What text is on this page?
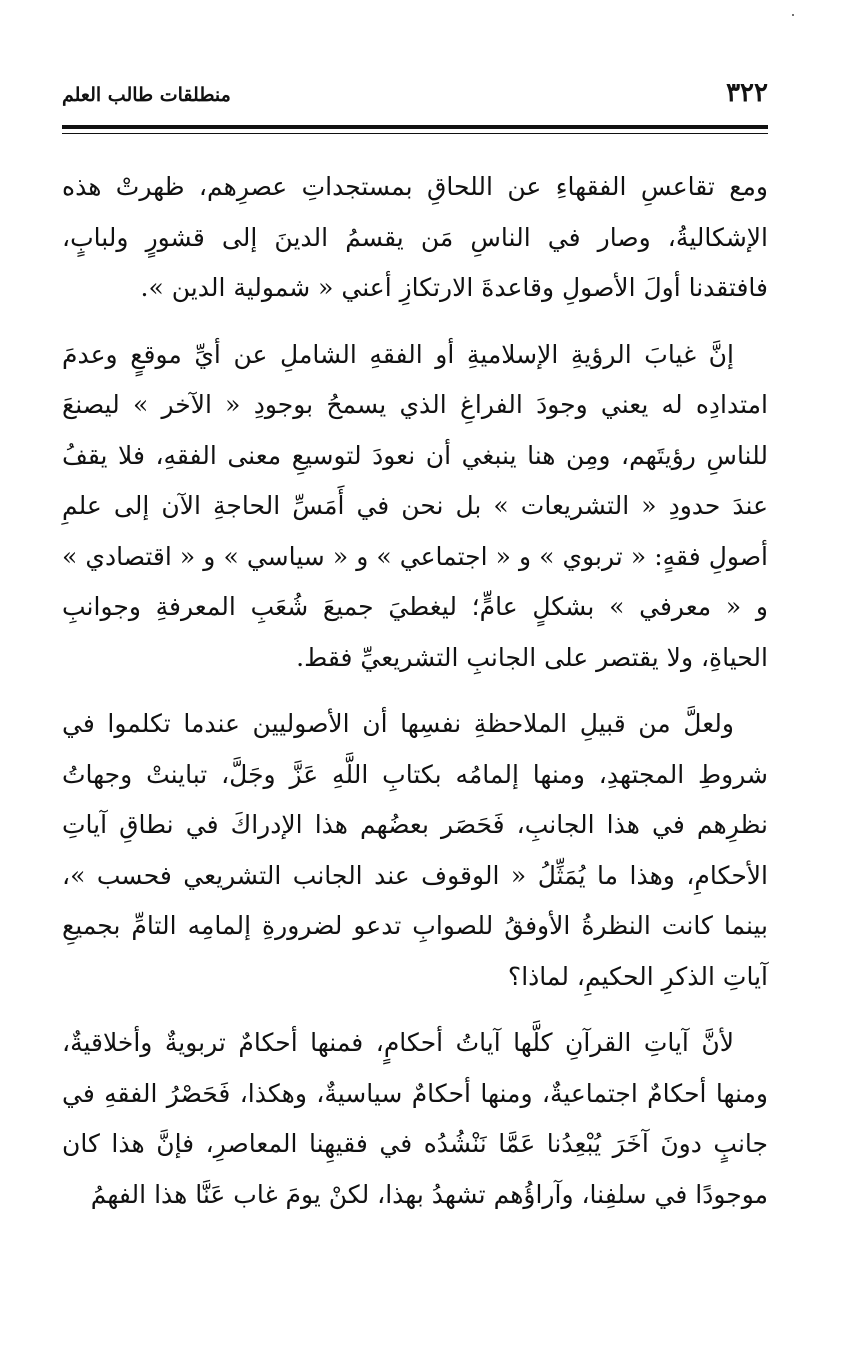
٣٢٢
منطلقات طالب العلم

ومع تقاعسِ الفقهاءِ عن اللحاقِ بمستجداتِ عصرِهم، ظهرتْ هذه الإشكاليةُ، وصار في الناسِ مَن يقسمُ الدينَ إلى قشورٍ ولبابٍ، فافتقدنا أولَ الأصولِ وقاعدةَ الارتكازِ أعني « شمولية الدين ».

إنَّ غيابَ الرؤيةِ الإسلاميةِ أو الفقهِ الشاملِ عن أيِّ موقعٍ وعدمَ امتدادِه له يعني وجودَ الفراغِ الذي يسمحُ بوجودِ « الآخر » ليصنعَ للناسِ رؤيتَهم، ومِن هنا ينبغي أن نعودَ لتوسيعِ معنى الفقهِ، فلا يقفُ عندَ حدودِ « التشريعات » بل نحن في أَمَسِّ الحاجةِ الآن إلى علمِ أصولِ فقهٍ: « تربوي » و « اجتماعي » و « سياسي » و « اقتصادي » و « معرفي » بشكلٍ عامٍّ؛ ليغطيَ جميعَ شُعَبِ المعرفةِ وجوانبِ الحياةِ، ولا يقتصر على الجانبِ التشريعيِّ فقط.

ولعلَّ من قبيلِ الملاحظةِ نفسِها أن الأصوليين عندما تكلموا في شروطِ المجتهدِ، ومنها إلمامُه بكتابِ اللَّهِ عَزَّ وجَلَّ، تباينتْ وجهاتُ نظرِهم في هذا الجانبِ، فَحَصَر بعضُهم هذا الإدراكَ في نطاقِ آياتِ الأحكامِ، وهذا ما يُمَثِّلُ « الوقوف عند الجانب التشريعي فحسب »، بينما كانت النظرةُ الأوفقُ للصوابِ تدعو لضرورةِ إلمامِه التامِّ بجميعِ آياتِ الذكرِ الحكيمِ، لماذا؟

لأنَّ آياتِ القرآنِ كلَّها آياتُ أحكامٍ، فمنها أحكامٌ تربويةٌ وأخلاقيةٌ، ومنها أحكامٌ اجتماعيةٌ، ومنها أحكامٌ سياسيةٌ، وهكذا، فَحَصْرُ الفقهِ في جانبٍ دونَ آخَرَ يُبْعِدُنا عَمَّا نَنْشُدُه في فقيهِنا المعاصرِ، فإنَّ هذا كان موجودًا في سلفِنا، وآراؤُهم تشهدُ بهذا، لكنْ يومَ غاب عَنَّا هذا الفهمُ
